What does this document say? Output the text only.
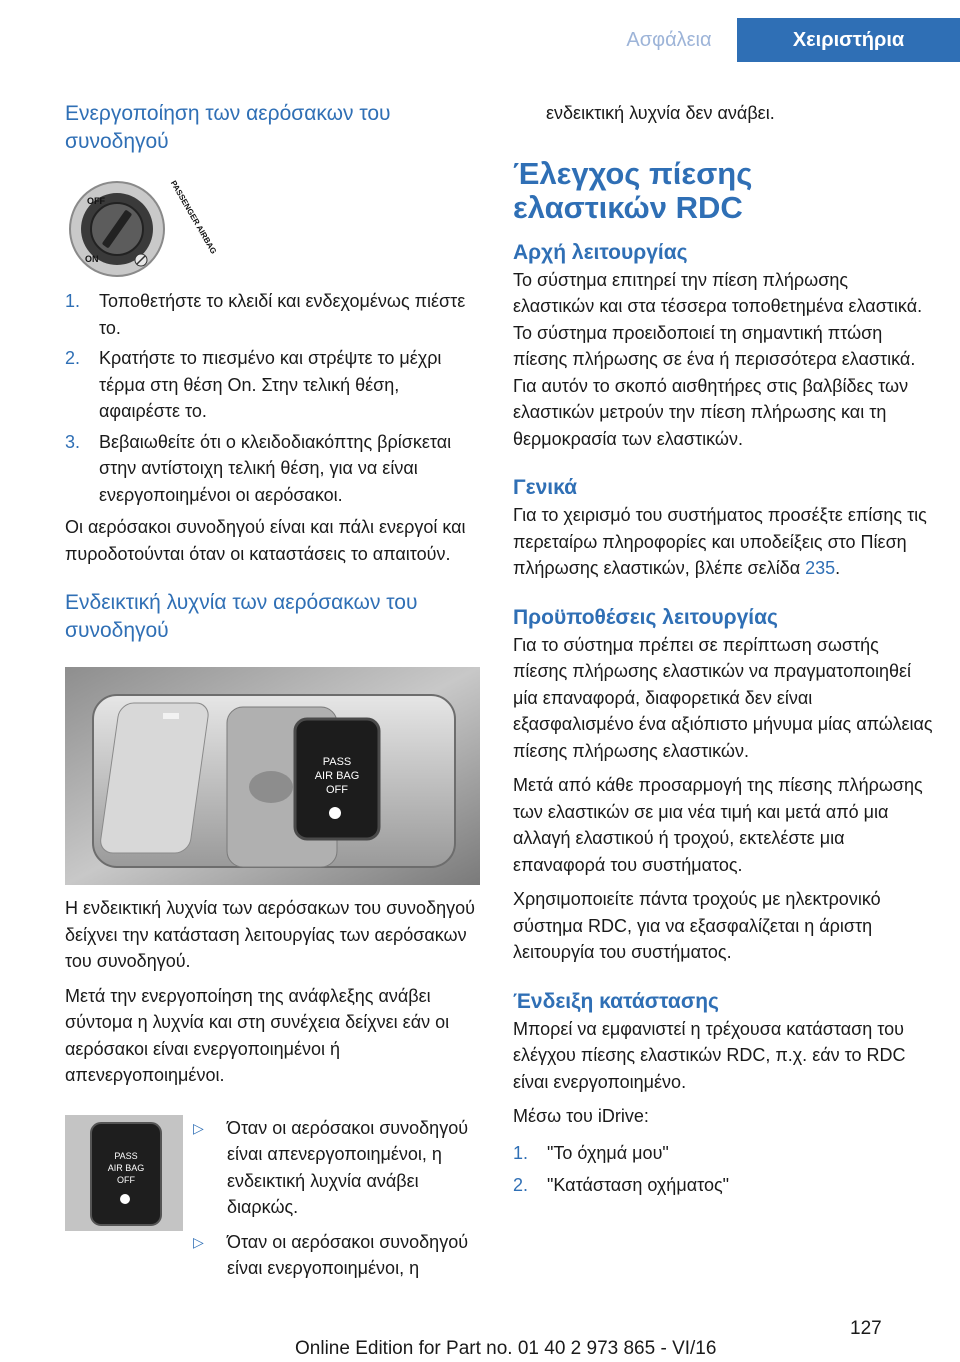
Ασφάλεια	Χειριστήρια
Ενεργοποίηση των αερόσακων του συνοδηγού
OFF
ON
PASSENGER AIRBAG
1. Τοποθετήστε το κλειδί και ενδεχομένως πιέστε το.
2. Κρατήστε το πιεσμένο και στρέψτε το μέχρι τέρμα στη θέση On. Στην τελική θέση, αφαιρέστε το.
3. Βεβαιωθείτε ότι ο κλειδοδιακόπτης βρίσκεται στην αντίστοιχη τελική θέση, για να είναι ενεργοποιημένοι οι αερόσακοι.

Οι αερόσακοι συνοδηγού είναι και πάλι ενεργοί και πυροδοτούνται όταν οι καταστάσεις το απαιτούν.

Ενδεικτική λυχνία των αερόσακων του συνοδηγού
PASS
AIR BAG
OFF

Η ενδεικτική λυχνία των αερόσακων του συνοδηγού δείχνει την κατάσταση λειτουργίας των αερόσακων του συνοδηγού.

Μετά την ενεργοποίηση της ανάφλεξης ανάβει σύντομα η λυχνία και στη συνέχεια δείχνει εάν οι αερόσακοι είναι ενεργοποιημένοι ή απενεργοποιημένοι.

PASS
AIR BAG
OFF
▷ Όταν οι αερόσακοι συνοδηγού είναι απενεργοποιημένοι, η ενδεικτική λυχνία ανάβει διαρκώς.
▷ Όταν οι αερόσακοι συνοδηγού είναι ενεργοποιημένοι, η

ενδεικτική λυχνία δεν ανάβει.

Έλεγχος πίεσης ελαστικών RDC
Αρχή λειτουργίας

Το σύστημα επιτηρεί την πίεση πλήρωσης ελαστικών και στα τέσσερα τοποθετημένα ελαστικά. Το σύστημα προειδοποιεί τη σημαντική πτώση πίεσης πλήρωσης σε ένα ή περισσότερα ελαστικά. Για αυτόν το σκοπό αισθητήρες στις βαλβίδες των ελαστικών μετρούν την πίεση πλήρωσης και τη θερμοκρασία των ελαστικών.

Γενικά

Για το χειρισμό του συστήματος προσέξτε επίσης τις περεταίρω πληροφορίες και υποδείξεις στο Πίεση πλήρωσης ελαστικών, βλέπε σελίδα 235.

Προϋποθέσεις λειτουργίας

Για το σύστημα πρέπει σε περίπτωση σωστής πίεσης πλήρωσης ελαστικών να πραγματοποιηθεί μία επαναφορά, διαφορετικά δεν είναι εξασφαλισμένο ένα αξιόπιστο μήνυμα μίας απώλειας πίεσης πλήρωσης ελαστικών.

Μετά από κάθε προσαρμογή της πίεσης πλήρωσης των ελαστικών σε μια νέα τιμή και μετά από μια αλλαγή ελαστικού ή τροχού, εκτελέστε μια επαναφορά του συστήματος.

Χρησιμοποιείτε πάντα τροχούς με ηλεκτρονικό σύστημα RDC, για να εξασφαλίζεται η άριστη λειτουργία του συστήματος.

Ένδειξη κατάστασης

Μπορεί να εμφανιστεί η τρέχουσα κατάσταση του ελέγχου πίεσης ελαστικών RDC, π.χ. εάν το RDC είναι ενεργοποιημένο.

Μέσω του iDrive:

1. "Το όχημά μου"
2. "Κατάσταση οχήματος"
127
Online Edition for Part no. 01 40 2 973 865 - VI/16
